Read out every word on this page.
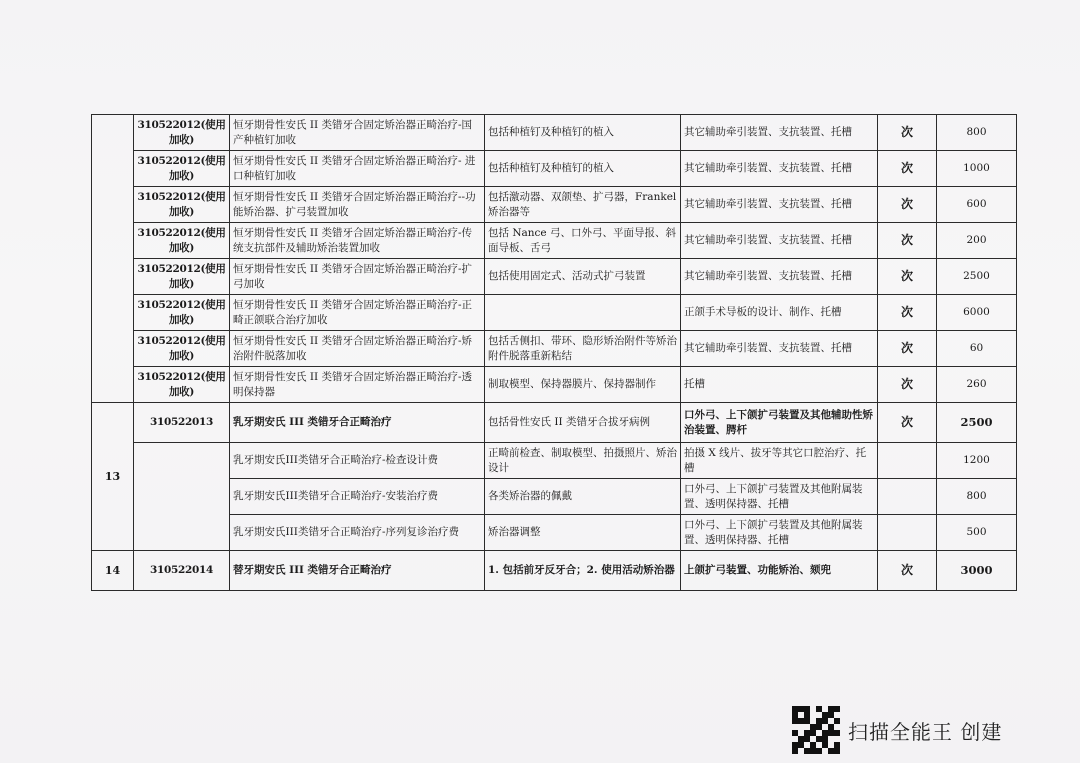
	310522012(使用加收)	恒牙期骨性安氏 II 类错牙合固定矫治器正畸治疗-国产种植钉加收	包括种植钉及种植钉的植入	其它辅助牵引装置、支抗装置、托槽	次	800
	310522012(使用加收)	恒牙期骨性安氏 II 类错牙合固定矫治器正畸治疗- 进口种植钉加收	包括种植钉及种植钉的植入	其它辅助牵引装置、支抗装置、托槽	次	1000
	310522012(使用加收)	恒牙期骨性安氏 II 类错牙合固定矫治器正畸治疗--功能矫治器、扩弓装置加收	包括激动器、双颌垫、扩弓器，Frankel 矫治器等	其它辅助牵引装置、支抗装置、托槽	次	600
	310522012(使用加收)	恒牙期骨性安氏 II 类错牙合固定矫治器正畸治疗-传统支抗部件及辅助矫治装置加收	包括 Nance 弓、口外弓、平面导报、斜面导板、舌弓	其它辅助牵引装置、支抗装置、托槽	次	200
	310522012(使用加收)	恒牙期骨性安氏 II 类错牙合固定矫治器正畸治疗-扩弓加收	包括使用固定式、活动式扩弓装置	其它辅助牵引装置、支抗装置、托槽	次	2500
	310522012(使用加收)	恒牙期骨性安氏 II 类错牙合固定矫治器正畸治疗-正畸正颌联合治疗加收		正颌手术导板的设计、制作、托槽	次	6000
	310522012(使用加收)	恒牙期骨性安氏 II 类错牙合固定矫治器正畸治疗-矫治附件脱落加收	包括舌侧扣、带环、隐形矫治附件等矫治附件脱落重新粘结	其它辅助牵引装置、支抗装置、托槽	次	60
	310522012(使用加收)	恒牙期骨性安氏 II 类错牙合固定矫治器正畸治疗-透明保持器	制取模型、保持器膜片、保持器制作	托槽	次	260
13	310522013	乳牙期安氏 III 类错牙合正畸治疗	包括骨性安氏 II 类错牙合拔牙病例	口外弓、上下颌扩弓装置及其他辅助性矫治装置、腭杆	次	2500
		乳牙期安氏III类错牙合正畸治疗-检查设计费	正畸前检查、制取模型、拍摄照片、矫治设计	拍摄 X 线片、拔牙等其它口腔治疗、托槽		1200
		乳牙期安氏III类错牙合正畸治疗-安装治疗费	各类矫治器的佩戴	口外弓、上下颌扩弓装置及其他附属装置、透明保持器、托槽		800
		乳牙期安氏III类错牙合正畸治疗-序列复诊治疗费	矫治器调整	口外弓、上下颌扩弓装置及其他附属装置、透明保持器、托槽		500
14	310522014	替牙期安氏 III 类错牙合正畸治疗	1. 包括前牙反牙合；2. 使用活动矫治器	上颌扩弓装置、功能矫治、颏兜	次	3000
扫描全能王 创建
